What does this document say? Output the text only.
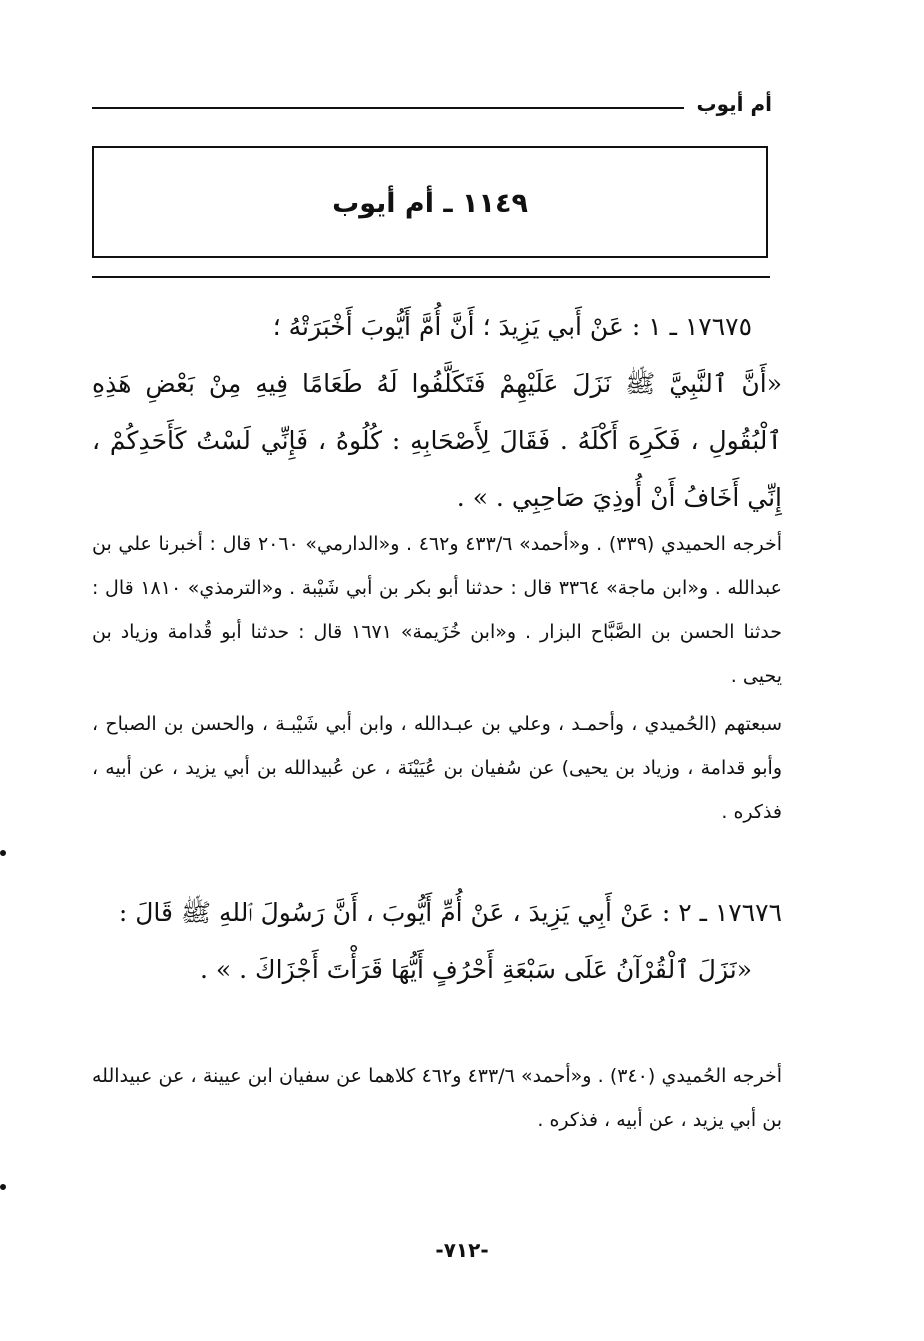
أم أيوب
١١٤٩ ـ أم أيوب

١٧٦٧٥ ـ ١ : عَنْ أَبي يَزِيدَ ؛ أَنَّ أُمَّ أَيُّوبَ أَخْبَرَتْهُ ؛

«أَنَّ ٱلنَّبِيَّ ﷺ نَزَلَ عَلَيْهِمْ فَتَكَلَّفُوا لَهُ طَعَامًا فِيهِ مِنْ بَعْضِ هَذِهِ ٱلْبُقُولِ ، فَكَرِهَ أَكْلَهُ . فَقَالَ لِأَصْحَابِهِ : كُلُوهُ ، فَإِنِّي لَسْتُ كَأَحَدِكُمْ ، إِنِّي أَخَافُ أَنْ أُوذِيَ صَاحِبِي . » .

أخرجه الحميدي (٣٣٩) . و«أحمد» ٤٣٣/٦ و٤٦٢ . و«الدارمي» ٢٠٦٠ قال : أخبرنا علي بن عبدالله . و«ابن ماجة» ٣٣٦٤ قال : حدثنا أبو بكر بن أبي شَيْبة . و«الترمذي» ١٨١٠ قال : حدثنا الحسن بن الصَّبَّاح البزار . و«ابن خُزَيمة» ١٦٧١ قال : حدثنا أبو قُدامة وزياد بن يحيى .

سبعتهم (الحُميدي ، وأحمـد ، وعلي بن عبـدالله ، وابن أبي شَيْبـة ، والحسن بن الصباح ، وأبو قدامة ، وزياد بن يحيى) عن سُفيان بن عُيَيْنَة ، عن عُبيدالله بن أبي يزيد ، عن أبيه ، فذكره .

١٧٦٧٦ ـ ٢ : عَنْ أَبِي يَزِيدَ ، عَنْ أُمِّ أَيُّوبَ ، أَنَّ رَسُولَ ٱللهِ ﷺ قَالَ :

«نَزَلَ ٱلْقُرْآنُ عَلَى سَبْعَةِ أَحْرُفٍ أَيُّهَا قَرَأْتَ أَجْزَاكَ . » .

أخرجه الحُميدي (٣٤٠) . و«أحمد» ٤٣٣/٦ و٤٦٢ كلاهما عن سفيان ابن عيينة ، عن عبيدالله بن أبي يزيد ، عن أبيه ، فذكره .

-٧١٢-
